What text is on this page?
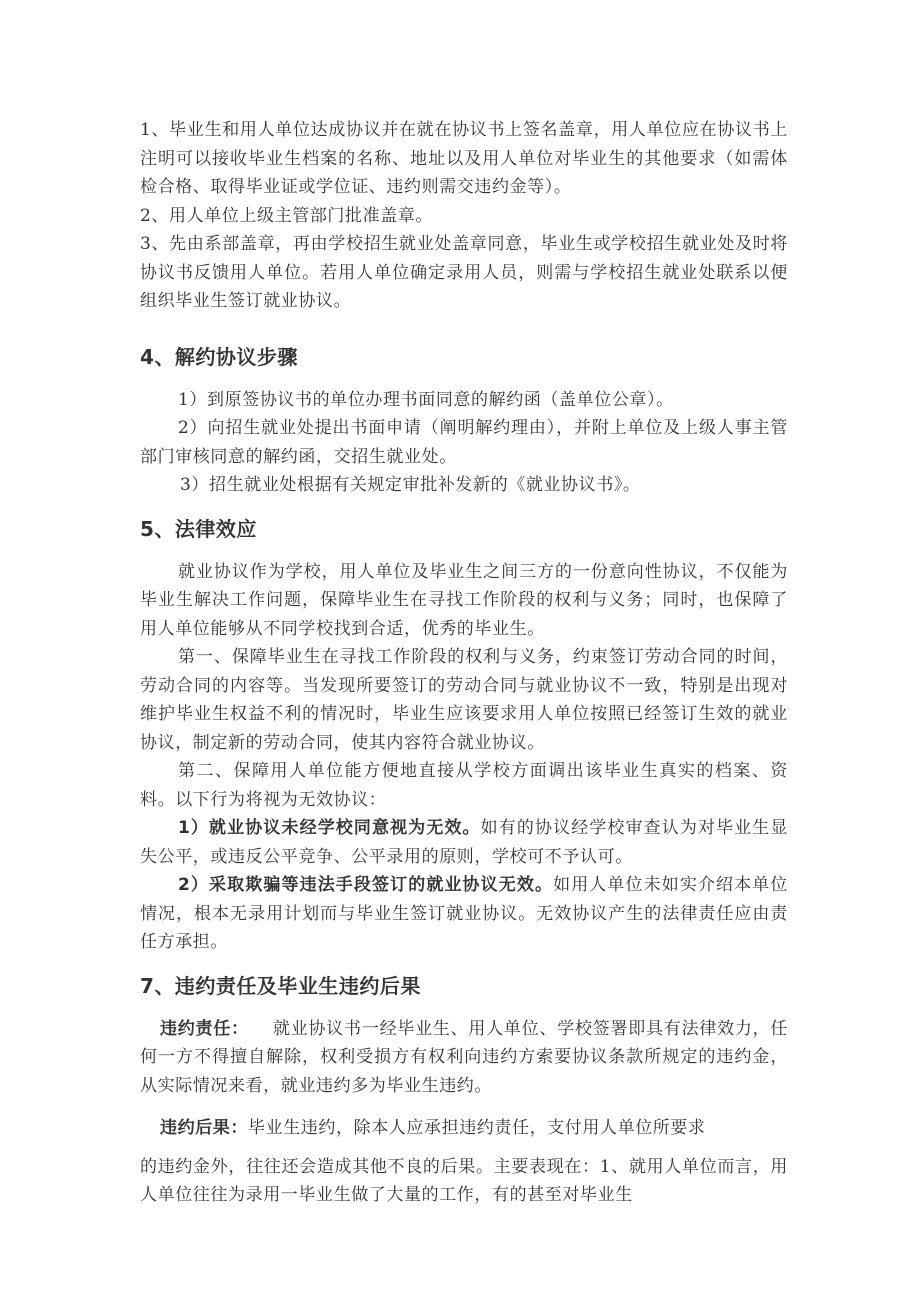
1、毕业生和用人单位达成协议并在就在协议书上签名盖章，用人单位应在协议书上注明可以接收毕业生档案的名称、地址以及用人单位对毕业生的其他要求（如需体检合格、取得毕业证或学位证、违约则需交违约金等）。

2、用人单位上级主管部门批准盖章。

3、先由系部盖章，再由学校招生就业处盖章同意，毕业生或学校招生就业处及时将协议书反馈用人单位。若用人单位确定录用人员，则需与学校招生就业处联系以便组织毕业生签订就业协议。

4、解约协议步骤

1）到原签协议书的单位办理书面同意的解约函（盖单位公章）。

2）向招生就业处提出书面申请（阐明解约理由），并附上单位及上级人事主管部门审核同意的解约函，交招生就业处。

3）招生就业处根据有关规定审批补发新的《就业协议书》。

5、法律效应

就业协议作为学校，用人单位及毕业生之间三方的一份意向性协议，不仅能为毕业生解决工作问题，保障毕业生在寻找工作阶段的权利与义务；同时，也保障了用人单位能够从不同学校找到合适，优秀的毕业生。

第一、保障毕业生在寻找工作阶段的权利与义务，约束签订劳动合同的时间，劳动合同的内容等。当发现所要签订的劳动合同与就业协议不一致，特别是出现对维护毕业生权益不利的情况时，毕业生应该要求用人单位按照已经签订生效的就业协议，制定新的劳动合同，使其内容符合就业协议。

第二、保障用人单位能方便地直接从学校方面调出该毕业生真实的档案、资料。以下行为将视为无效协议：

1）就业协议未经学校同意视为无效。如有的协议经学校审查认为对毕业生显失公平，或违反公平竞争、公平录用的原则，学校可不予认可。

2）采取欺骗等违法手段签订的就业协议无效。如用人单位未如实介绍本单位情况，根本无录用计划而与毕业生签订就业协议。无效协议产生的法律责任应由责任方承担。

7、违约责任及毕业生违约后果

违约责任： 就业协议书一经毕业生、用人单位、学校签署即具有法律效力，任何一方不得擅自解除，权利受损方有权利向违约方索要协议条款所规定的违约金，从实际情况来看，就业违约多为毕业生违约。

违约后果：毕业生违约，除本人应承担违约责任，支付用人单位所要求

的违约金外，往往还会造成其他不良的后果。主要表现在：1、就用人单位而言，用人单位往往为录用一毕业生做了大量的工作，有的甚至对毕业生
